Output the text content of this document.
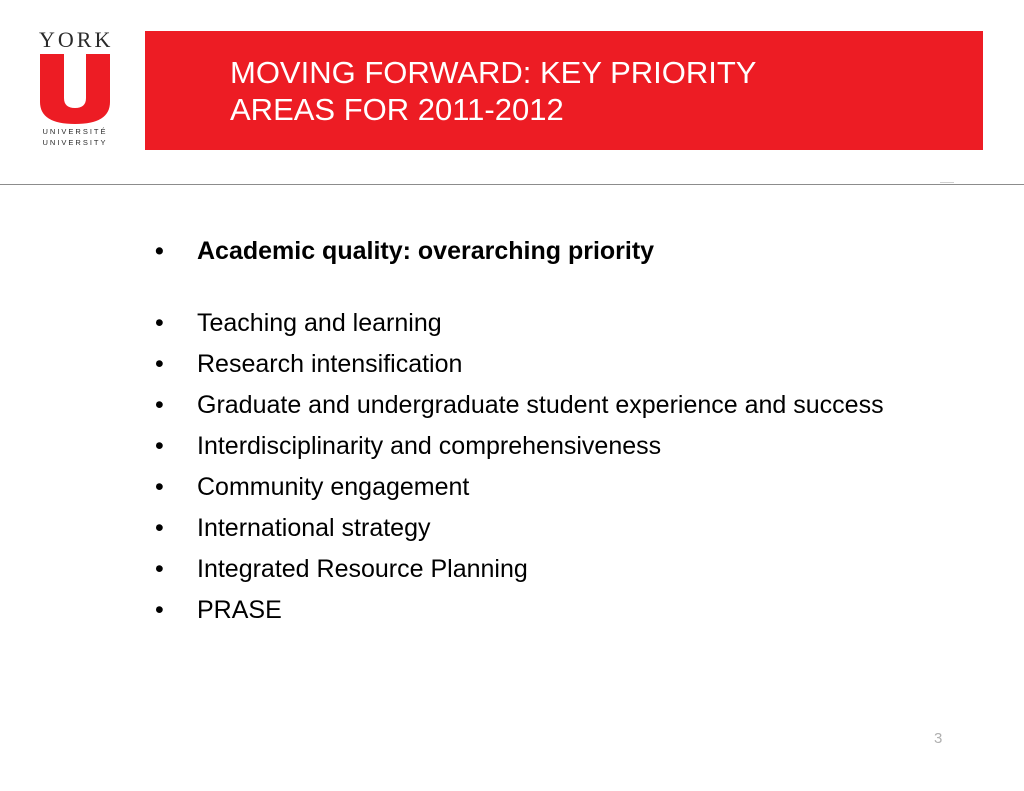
YORK
UNIVERSITÉ
UNIVERSITY
MOVING FORWARD: KEY PRIORITY
AREAS FOR 2011-2012
• Academic quality: overarching priority
• Teaching and learning
• Research intensification
• Graduate and undergraduate student experience and success
• Interdisciplinarity and comprehensiveness
• Community engagement
• International strategy
• Integrated Resource Planning
• PRASE
3
